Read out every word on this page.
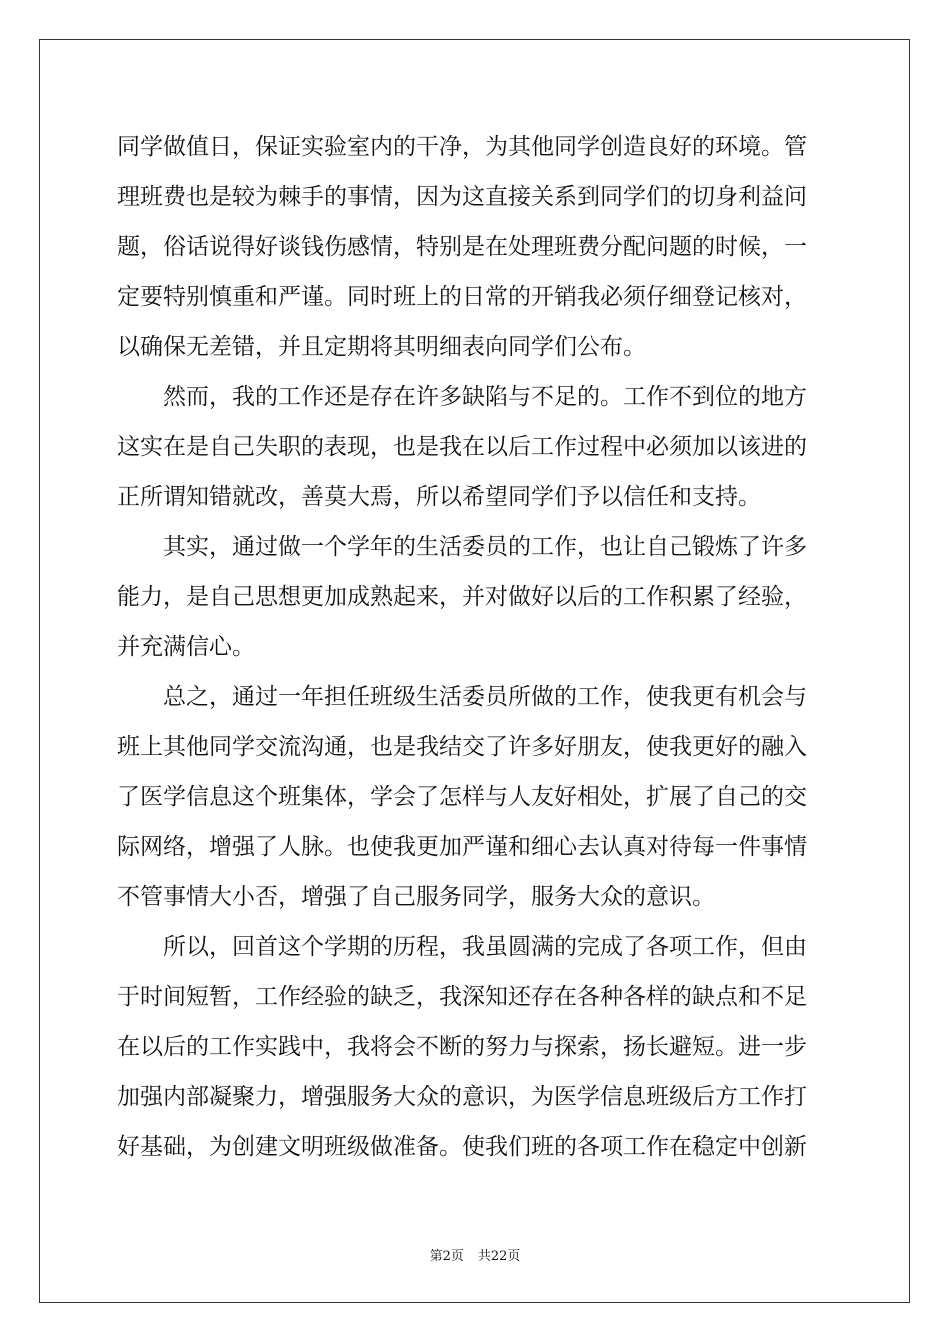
同学做值日，保证实验室内的干净，为其他同学创造良好的环境。管
理班费也是较为棘手的事情，因为这直接关系到同学们的切身利益问
题，俗话说得好谈钱伤感情，特别是在处理班费分配问题的时候，一
定要特别慎重和严谨。同时班上的日常的开销我必须仔细登记核对，
以确保无差错，并且定期将其明细表向同学们公布。
　　然而，我的工作还是存在许多缺陷与不足的。工作不到位的地方
这实在是自己失职的表现，也是我在以后工作过程中必须加以该进的
正所谓知错就改，善莫大焉，所以希望同学们予以信任和支持。
　　其实，通过做一个学年的生活委员的工作，也让自己锻炼了许多
能力，是自己思想更加成熟起来，并对做好以后的工作积累了经验，
并充满信心。
　　总之，通过一年担任班级生活委员所做的工作，使我更有机会与
班上其他同学交流沟通，也是我结交了许多好朋友，使我更好的融入
了医学信息这个班集体，学会了怎样与人友好相处，扩展了自己的交
际网络，增强了人脉。也使我更加严谨和细心去认真对待每一件事情
不管事情大小否，增强了自己服务同学，服务大众的意识。
　　所以，回首这个学期的历程，我虽圆满的完成了各项工作，但由
于时间短暂，工作经验的缺乏，我深知还存在各种各样的缺点和不足
在以后的工作实践中，我将会不断的努力与探索，扬长避短。进一步
加强内部凝聚力，增强服务大众的意识，为医学信息班级后方工作打
好基础，为创建文明班级做准备。使我们班的各项工作在稳定中创新
第2页 共22页
